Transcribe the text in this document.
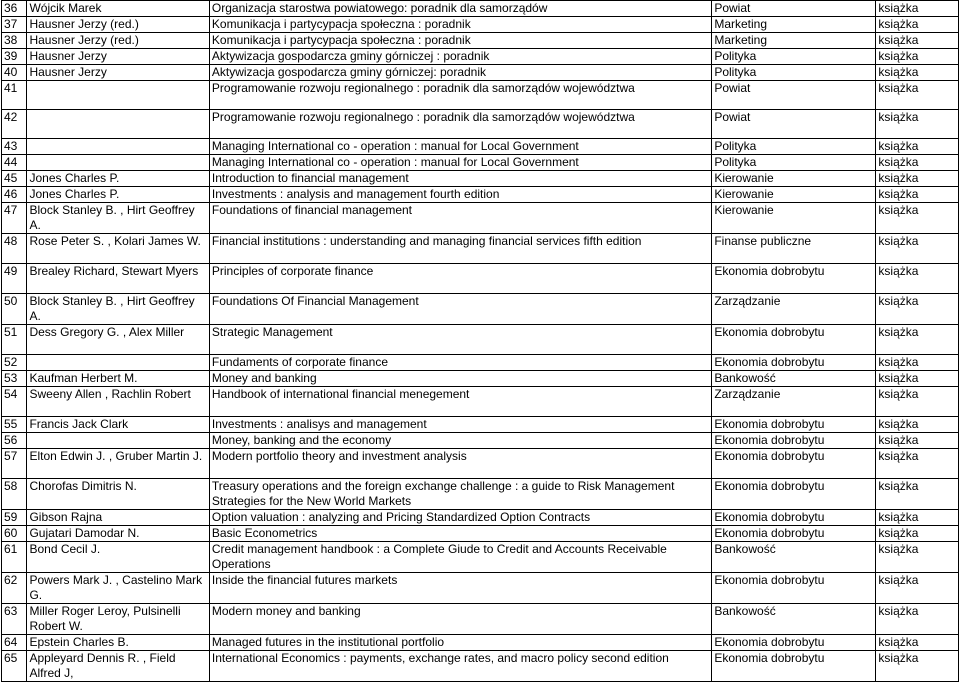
36	Wójcik Marek	Organizacja starostwa powiatowego: poradnik dla samorządów	Powiat	książka
37	Hausner Jerzy (red.)	Komunikacja i partycypacja społeczna : poradnik	Marketing	książka
38	Hausner Jerzy (red.)	Komunikacja i partycypacja społeczna : poradnik	Marketing	książka
39	Hausner Jerzy	Aktywizacja gospodarcza gminy górniczej : poradnik	Polityka	książka
40	Hausner Jerzy	Aktywizacja gospodarcza gminy górniczej: poradnik	Polityka	książka
41		Programowanie rozwoju regionalnego : poradnik dla samorządów województwa	Powiat	książka
42		Programowanie rozwoju regionalnego : poradnik dla samorządów województwa	Powiat	książka
43		Managing International co - operation : manual for Local Government	Polityka	książka
44		Managing International co - operation : manual for Local Government	Polityka	książka
45	Jones Charles P.	Introduction to financial management	Kierowanie	książka
46	Jones Charles P.	Investments : analysis and management fourth edition	Kierowanie	książka
47	Block Stanley B. , Hirt Geoffrey A.	Foundations of financial management	Kierowanie	książka
48	Rose Peter S. , Kolari James W.	Financial institutions : understanding and managing financial services fifth edition	Finanse publiczne	książka
49	Brealey Richard, Stewart Myers	Principles of corporate finance	Ekonomia dobrobytu	książka
50	Block Stanley B. , Hirt Geoffrey A.	Foundations Of Financial Management	Zarządzanie	książka
51	Dess Gregory G. , Alex Miller	Strategic Management	Ekonomia dobrobytu	książka
52		Fundaments of corporate finance	Ekonomia dobrobytu	książka
53	Kaufman Herbert M.	Money and banking	Bankowość	książka
54	Sweeny Allen , Rachlin Robert	Handbook of international financial menegement	Zarządzanie	książka
55	Francis Jack Clark	Investments : analisys and management	Ekonomia dobrobytu	książka
56		Money, banking and the economy	Ekonomia dobrobytu	książka
57	Elton Edwin J. , Gruber Martin J.	Modern portfolio theory and investment analysis	Ekonomia dobrobytu	książka
58	Chorofas Dimitris N.	Treasury operations and the foreign exchange challenge : a guide to Risk Management Strategies for the New World Markets	Ekonomia dobrobytu	książka
59	Gibson Rajna	Option valuation : analyzing and Pricing Standardized Option Contracts	Ekonomia dobrobytu	książka
60	Gujatari Damodar N.	Basic Econometrics	Ekonomia dobrobytu	książka
61	Bond Cecil J.	Credit management handbook : a Complete Giude to Credit and Accounts Receivable Operations	Bankowość	książka
62	Powers Mark J. , Castelino Mark G.	Inside the financial futures markets	Ekonomia dobrobytu	książka
63	Miller Roger Leroy, Pulsinelli Robert W.	Modern money and banking	Bankowość	książka
64	Epstein Charles B.	Managed futures in the institutional portfolio	Ekonomia dobrobytu	książka
65	Appleyard Dennis R. , Field Alfred J,	International Economics : payments, exchange rates, and macro policy second edition	Ekonomia dobrobytu	książka
